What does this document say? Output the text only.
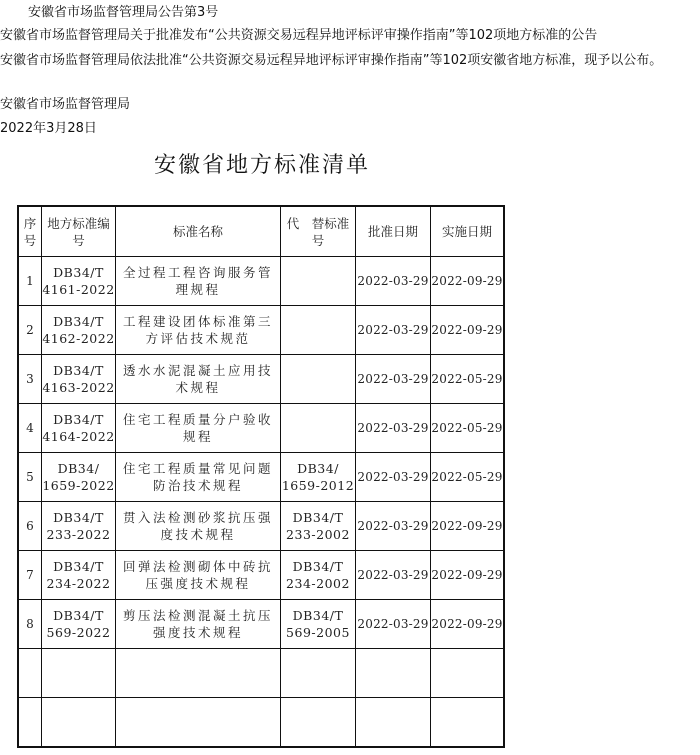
安徽省市场监督管理局公告第3号
安徽省市场监督管理局关于批准发布“公共资源交易远程异地评标评审操作指南”等102项地方标准的公告
安徽省市场监督管理局依法批准“公共资源交易远程异地评标评审操作指南”等102项安徽省地方标准，现予以公布。
安徽省市场监督管理局
2022年3月28日
安徽省地方标准清单
序号	地方标准编　号	标准名称	代　替标准号	批准日期	实施日期
1	DB34/T 4161-2022	全过程工程咨询服务管理规程		2022-03-29	2022-09-29
2	DB34/T 4162-2022	工程建设团体标准第三方评估技术规范		2022-03-29	2022-09-29
3	DB34/T 4163-2022	透水水泥混凝土应用技术规程		2022-03-29	2022-05-29
4	DB34/T 4164-2022	住宅工程质量分户验收规程		2022-03-29	2022-05-29
5	DB34/ 1659-2022	住宅工程质量常见问题防治技术规程	DB34/ 1659-2012	2022-03-29	2022-05-29
6	DB34/T 233-2022	贯入法检测砂浆抗压强度技术规程	DB34/T 233-2002	2022-03-29	2022-09-29
7	DB34/T 234-2022	回弹法检测砌体中砖抗压强度技术规程	DB34/T 234-2002	2022-03-29	2022-09-29
8	DB34/T 569-2022	剪压法检测混凝土抗压强度技术规程	DB34/T 569-2005	2022-03-29	2022-09-29
